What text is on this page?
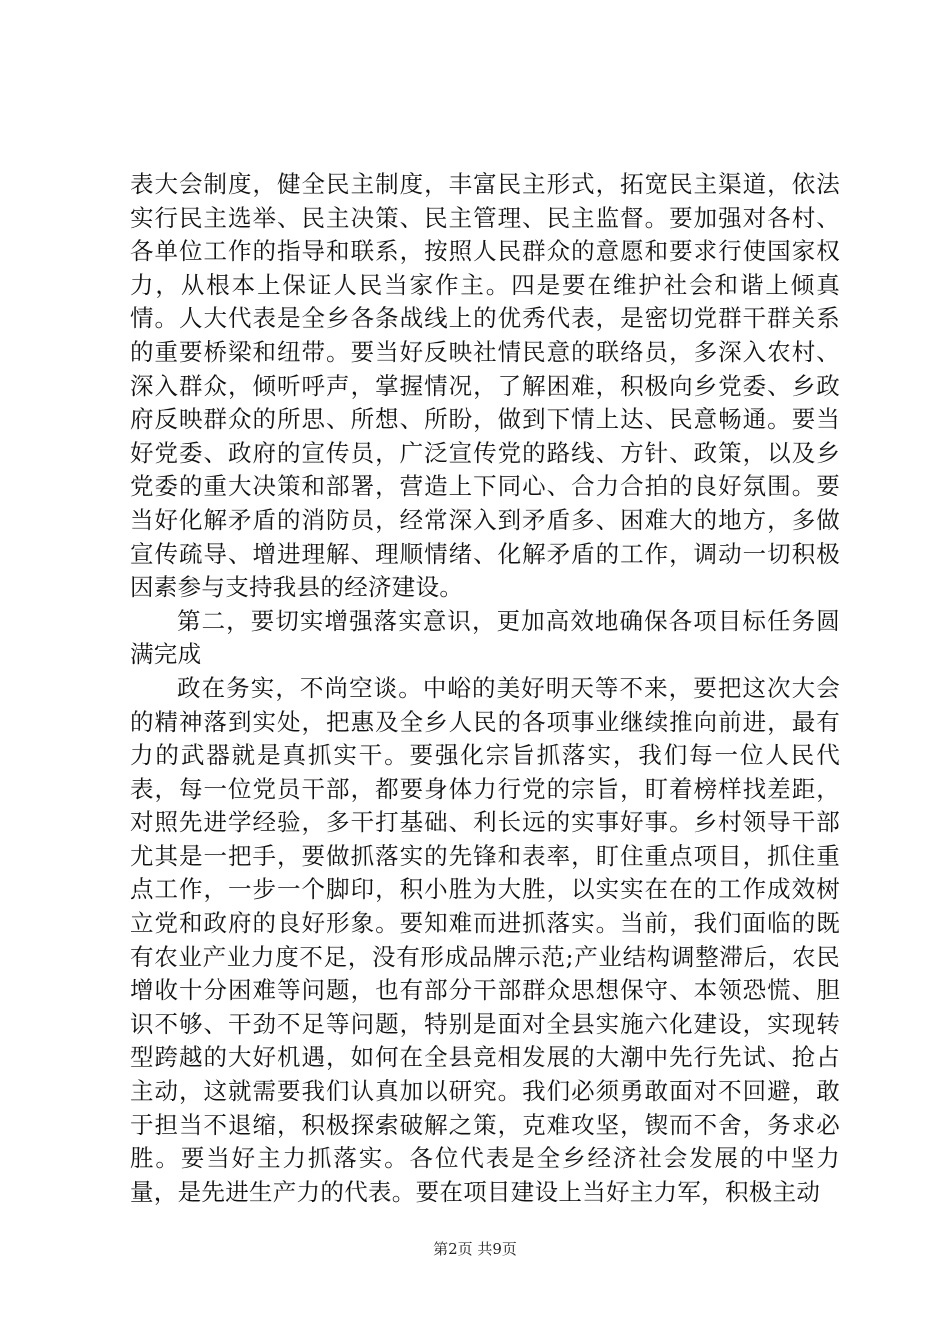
表大会制度，健全民主制度，丰富民主形式，拓宽民主渠道，依法实行民主选举、民主决策、民主管理、民主监督。要加强对各村、各单位工作的指导和联系，按照人民群众的意愿和要求行使国家权力，从根本上保证人民当家作主。四是要在维护社会和谐上倾真情。人大代表是全乡各条战线上的优秀代表，是密切党群干群关系的重要桥梁和纽带。要当好反映社情民意的联络员，多深入农村、深入群众，倾听呼声，掌握情况，了解困难，积极向乡党委、乡政府反映群众的所思、所想、所盼，做到下情上达、民意畅通。要当好党委、政府的宣传员，广泛宣传党的路线、方针、政策，以及乡党委的重大决策和部署，营造上下同心、合力合拍的良好氛围。要当好化解矛盾的消防员，经常深入到矛盾多、困难大的地方，多做宣传疏导、增进理解、理顺情绪、化解矛盾的工作，调动一切积极因素参与支持我县的经济建设。

第二，要切实增强落实意识，更加高效地确保各项目标任务圆满完成

政在务实，不尚空谈。中峪的美好明天等不来，要把这次大会的精神落到实处，把惠及全乡人民的各项事业继续推向前进，最有力的武器就是真抓实干。要强化宗旨抓落实，我们每一位人民代表，每一位党员干部，都要身体力行党的宗旨，盯着榜样找差距，对照先进学经验，多干打基础、利长远的实事好事。乡村领导干部尤其是一把手，要做抓落实的先锋和表率，盯住重点项目，抓住重点工作，一步一个脚印，积小胜为大胜，以实实在在的工作成效树立党和政府的良好形象。要知难而进抓落实。当前，我们面临的既有农业产业力度不足，没有形成品牌示范;产业结构调整滞后，农民增收十分困难等问题，也有部分干部群众思想保守、本领恐慌、胆识不够、干劲不足等问题，特别是面对全县实施六化建设，实现转型跨越的大好机遇，如何在全县竞相发展的大潮中先行先试、抢占主动，这就需要我们认真加以研究。我们必须勇敢面对不回避，敢于担当不退缩，积极探索破解之策，克难攻坚，锲而不舍，务求必胜。要当好主力抓落实。各位代表是全乡经济社会发展的中坚力量，是先进生产力的代表。要在项目建设上当好主力军，积极主动

第2页 共9页
